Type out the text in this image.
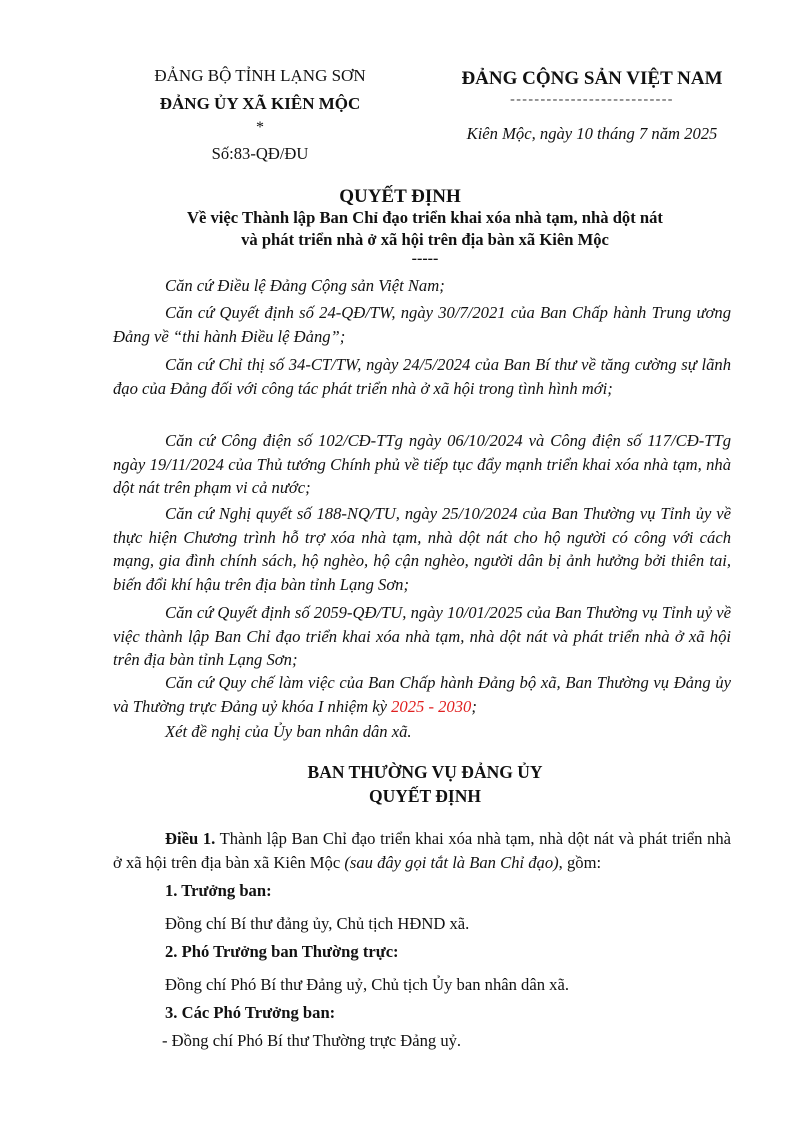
ĐẢNG BỘ TỈNH LẠNG SƠN
ĐẢNG ỦY XÃ KIÊN MỘC
*
Số:83-QĐ/ĐU
ĐẢNG CỘNG SẢN VIỆT NAM
---------------------------
Kiên Mộc, ngày 10 tháng 7 năm 2025
QUYẾT ĐỊNH
Về việc Thành lập Ban Chỉ đạo triển khai xóa nhà tạm, nhà dột nát
và phát triển nhà ở xã hội trên địa bàn xã Kiên Mộc
-----
Căn cứ Điều lệ Đảng Cộng sản Việt Nam;
Căn cứ Quyết định số 24-QĐ/TW, ngày 30/7/2021 của Ban Chấp hành Trung ương Đảng về “thi hành Điều lệ Đảng”;
Căn cứ Chỉ thị số 34-CT/TW, ngày 24/5/2024 của Ban Bí thư về tăng cường sự lãnh đạo của Đảng đối với công tác phát triển nhà ở xã hội trong tình hình mới;
Căn cứ Công điện số 102/CĐ-TTg ngày 06/10/2024 và Công điện số 117/CĐ-TTg ngày 19/11/2024 của Thủ tướng Chính phủ về tiếp tục đẩy mạnh triển khai xóa nhà tạm, nhà dột nát trên phạm vi cả nước;
Căn cứ Nghị quyết số 188-NQ/TU, ngày 25/10/2024 của Ban Thường vụ Tỉnh ủy về thực hiện Chương trình hỗ trợ xóa nhà tạm, nhà dột nát cho hộ người có công với cách mạng, gia đình chính sách, hộ nghèo, hộ cận nghèo, người dân bị ảnh hưởng bởi thiên tai, biến đổi khí hậu trên địa bàn tỉnh Lạng Sơn;
Căn cứ Quyết định số 2059-QĐ/TU, ngày 10/01/2025 của Ban Thường vụ Tỉnh uỷ về việc thành lập Ban Chỉ đạo triển khai xóa nhà tạm, nhà dột nát và phát triển nhà ở xã hội trên địa bàn tỉnh Lạng Sơn;
Căn cứ Quy chế làm việc của Ban Chấp hành Đảng bộ xã, Ban Thường vụ Đảng ủy và Thường trực Đảng uỷ khóa I nhiệm kỳ 2025 - 2030;
Xét đề nghị của Ủy ban nhân dân xã.
BAN THƯỜNG VỤ ĐẢNG ỦY
QUYẾT ĐỊNH
Điều 1. Thành lập Ban Chỉ đạo triển khai xóa nhà tạm, nhà dột nát và phát triển nhà ở xã hội trên địa bàn xã Kiên Mộc (sau đây gọi tắt là Ban Chỉ đạo), gồm:
1. Trưởng ban:
Đồng chí Bí thư đảng ủy, Chủ tịch HĐND xã.
2. Phó Trưởng ban Thường trực:
Đồng chí Phó Bí thư Đảng uỷ, Chủ tịch Ủy ban nhân dân xã.
3. Các Phó Trưởng ban:
- Đồng chí Phó Bí thư Thường trực Đảng uỷ.
